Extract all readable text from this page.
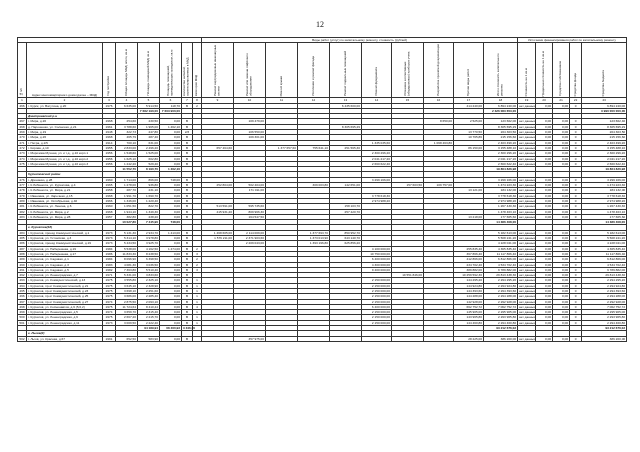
12
								Виды работ (услуг) по капитальному ремонту, стоимость (рублей)										Источники финансирования работ по капитальному ремонту				
№п/п	Адрес многоквартирного дома (далее – МКД)	Год постройки	Общая площадь МКД, всего, кв.м	Площадь помещений МКД, кв.м	Площадь помещений, принадлежащих гражданам, кв.м	Количество жителей, зарегистрированных в МКД	Категория МКД	Ремонт внутридомовых инженерных систем	Ремонт или замена лифтового оборудования	Ремонт крыши	Утепление и ремонт фасада	Ремонт подвальных помещений	Ремонт фундамента	Установка коллективных (общедомовых) приборов учета	Разработка проектной документации	Прочие виды работ	Итого стоимость капитального ремонта	Стоимость на 1 кв.м	Предельная стоимость на 1 кв.м	Средства собственников	Средства фонда	Средства бюджета
1	2	3	4	5	6	7	8	9	10	11	12	13	14	15	16	17	18	19	20	21	22	23
466	г. Курск, ул. Ватутина, д.20	1976	6 635,00	5 914,50	118,70	В	2					6 435 600,00				414 240,00	6 894 240,00	нет данных	0,00	0,00	0	6 894 240,00
				7 682 190,00	7 603 900,00												2 326 083 653,00					3 990 000 000,00
	Дмитриевский р-н																					
467	г. Мира, д.20	1968	254,60	230,50	0,00	В			109 479,00						8 650,00	2 525,00	123 662,00	нет данных	0,00	0,00	0	123 662,40
468	д. Парошенко, ул. Солнечая, д.21	1961	3 788,60	1 965,00	1 462,10	В						8 305 695,29					8 305 695,29	нет данных	0,00	0,00	0	8 305 695,29
469	г. Мира, д.19	1948	322,73	247,80	0,00	2/3			106 550,00							13 770,50	204 303,50	нет данных	0,00	0,00	0	204 303,50
470	г. Мира, д.26	1968	465,79	287,40	0,00	В			109 301,00							10 765,86	215 156,60	нет данных	0,00	0,00	0	215 156,60
471	г. Петра, д.1/5	1914	700,10	631,00	0,00	В							1 335 035,60		1 068 463,80		2 403 499,20	нет данных	0,00	0,00	0	2 403 499,20
472	г. Кирова, д.10	1955	2 833,00	2 496,20	0,00	В		657 464,60		1 377 657,60	755 641,10	251 565,30				86 150,00	3 155 488,10	нет данных	0,00	0,00	0	3 155 488,10
473	г. Морозова Мучная, ул. и т.д., д.10 корп.1	1956	1 548,60	1 525,00	0,00	В							2 300 296,20				2 300 296,20	нет данных	0,00	0,00	0	2 300 296,20
474	г. Морозова Мучная, ул. и т.д., д.10 корп.2	1956	1 625,10	602,80	0,00	В							2 041 217,20				2 041 217,20	нет данных	0,00	0,00	0	2 041 217,20
475	г. Морозова Мучная, ул. и т.д., д.10 корп.3	1956	1 242,20	529,40	0,00	В							2 660 622,40				2 660 622,40	нет данных	0,00	0,00	0	2 660 622,40
			11 552,70	8 190,70	1 462,10												19 864 826,98					19 864 826,98
	Курчатовский район																					
476	г. Дроняево, д.28	1960	1 714,00	866,00	748,00	В							3 299 166,00				3 299 166,00	нет данных	0,00	0,00	0	3 299 166,00
477	г. К.Либкнехта, ул. Курчатова, д.4	1965	1 278,00	936,80	0,00	В		252 804,00	502 404,00		309 003,80	142 651,00		157 603,50	109 757,00		1 474 223,30	нет данных	0,00	0,00	0	1 474 223,30
478	г. К.Либкнехта, ул. Мира, д.21	1958	287,70	231,10	0,00	В			171 011,00							13 121,00	184 132,00	нет данных	0,00	0,00	0	184 132,00
479	г. Ивановка, ул. Заречная, д.15	1968	1 991,70	1 690,70	0,00	В							3 778 618,30				3 778 618,30	нет данных	0,00	0,00	0	3 778 618,30
480	г. Ивановка, ул. Октябрьская, д.40	1966	1 346,00	1 220,40	0,00	В							2 974 988,20				2 974 988,20	нет данных	0,00	0,00	0	2 974 988,20
481	г. К.Либкнехта, ул. Ленина, д.6	1960	1 051,50	822,70	0,00	В		513 591,00	595 735,60			158 103,70					1 267 430,30	нет данных	0,00	0,00	0	1 267 430,30
482	г. К.Либкнехта, ул. Мира, д.2	1968	1 944,10	1 349,30	0,00	В		415 931,20	809 966,30			257 420,70					1 478 463,10	нет данных	0,00	0,00	0	1 478 463,10
483	г. К.Либкнехта, ул. Мира, д.28	1957	382,80	238,20	0,00	В			164 547,50							13 218,00	177 665,60	нет данных	0,00	0,00	0	177 665,60
			10 027,80	7 445,90	748,00												14 386 408,00					14 386 408,00
	г. Курчатов(18)																					
484	г. Курчатов, проезд Коммунистический, д.1	1973	5 131,30	2 934,70	1 413,00	В		1 468 605,00	2 114 009,00		1 377 693,70	850 952,70					5 182 613,00	нет данных	0,00	0,00	0	5 182 613,00
485	г. Курчатов, ул. Ухтомская, д.3	1973	5 314,10	3 978,80	0,00	В		1 576 211,00	2 371 903,60		1 373 013,90	643 140,70					5 508 241,20	нет данных	0,00	0,00	0	5 508 241,20
486	г. Курчатов, проезд Коммунистический, д.19	1973	5 434,50	3 925,70	0,00	В			2 209 043,00		1 393 196,80	625 856,20					4 228 041,00	нет данных	0,00	0,00	0	4 228 041,00
487	г. Курчатов, ул. Набережная, д.19	1984	5 538,00	4 162,50	1 474,00	В	2						4 100 000,00			255 835,40	4 365 835,40	нет данных	0,00	0,00	0	4 365 835,40
488	г. Курчатов, ул. Набережная, д.17	1986	11 833,30	8 238,50	0,00	В	3						10 750 000,00			367 866,40	11 117 866,40	нет данных	0,00	0,00	0	11 117 866,40
489	г. Курчатов, ул. Садовая, д.1	1984	8 096,90	6 398,50	0,00	В	2						6 400 000,00			412 866,00	6 812 866,00	нет данных	0,00	0,00	0	6 812 866,00
490	г. Курчатов, ул. Садовая, д.3	1983	4 081,30	3 036,50	0,00	В	2						4 300 000,00			234 702,40	4 534 702,40	нет данных	0,00	0,00	0	4 534 702,40
491	г. Курчатов, ул. Садовая, д.5	1982	7 363,80	5 510,40	0,00	В	3						9 400 000,00			389 882,00	9 789 882,00	нет данных	0,00	0,00	0	9 789 882,00
492	г. Курчатов, ул. Лененградская, д.7	1971	5 331,00	3 833,60	0,00	В								19 551 846,00		10 259 592,30	29 813 438,30	нет данных	0,00	0,00	0	29 813 438,30
493	г. Курчатов, ул. Коммунистический, д.13	1975	3 555,80	2 325,10	0,00	В	1						2 150 000,00			144 295,20	2 294 295,20	нет данных	0,00	0,00	0	2 294 295,20
494	г. Курчатов, пр-кт Коммунистический, д.21	1975	3 645,10	2 328,90	0,00	В	1						2 150 000,00			144 924,80	2 294 924,80	нет данных	0,00	0,00	0	2 294 924,80
495	г. Курчатов, пр-кт Коммунистический, д.23	1975	3 698,10	2 251,60	0,00	В	1						2 150 000,00			144 393,60	2 294 393,60	нет данных	0,00	0,00	0	2 294 393,60
496	г. Курчатов, пр-кт Коммунистический, д.25	1975	3 686,00	2 285,40	0,00	В	1						2 150 000,00			144 288,00	2 294 288,00	нет данных	0,00	0,00	0	2 294 288,00
497	г. Курчатов, пр-кт Коммунистический, д.27	1974	2 875,50	2 093,10	0,00	В	1						2 150 000,00			142 928,00	2 292 928,00	нет данных	0,00	0,00	0	2 292 928,00
498	г. Курчатов, ул. Космонавтов, д.6 (5,6,2)	1975	11 724,64	8 410,44	0,00	В	4						6 400 000,00			662 752,72	7 062 752,72	нет данных	0,00	0,00	0	7 062 752,72
499	г. Курчатов, ул. Лененградская, д.5	1974	3 659,70	2 315,40	0,00	В	1						2 150 000,00			145 905,00	2 295 905,00	нет данных	0,00	0,00	0	2 295 905,00
500	г. Курчатов, ул. Лененградская, д.9	1975	2 667,20	2 215,70	0,00	В	1						2 150 000,00			143 965,80	2 293 965,80	нет данных	0,00	0,00	0	2 293 965,80
501	г. Курчатов, ул. Лененградская, д.11	1973	3 009,50	2 222,40	0,00	В	1						2 150 000,00			144 460,80	2 294 460,80	нет данных	0,00	0,00	0	2 294 460,80
				94 189,94	68 460,93	3 346,00											93 212 676,02					93 212 676,02
	г. Льгов(2)																					
502	г. Льгов, ул. Красная, д.67	1991	652,50	583,90	0,00	В			357 975,00							28 225,00	386 200,00	нет данных	0,00	0,00	0	386 200,00
